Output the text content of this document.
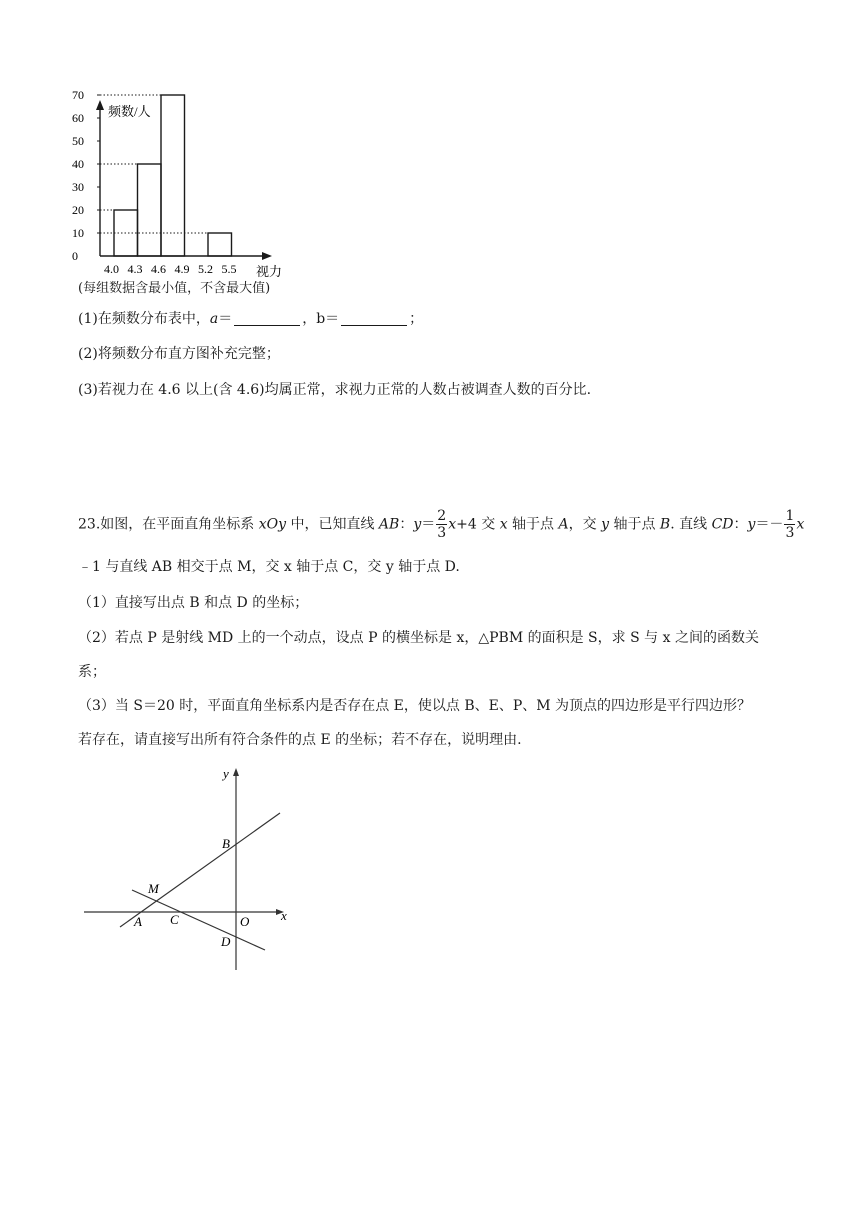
70
60
50
40
30
20
10
0
4.0 4.3 4.6 4.9 5.2 5.5
频数/人
视力
(每组数据含最小值，不含最大值)
(1)在频数分布表中，a＝	，b＝	；
(2)将频数分布直方图补充完整；
(3)若视力在 4.6 以上(含 4.6)均属正常，求视力正常的人数占被调查人数的百分比.
23.如图，在平面直角坐标系 xOy 中，已知直线 AB：$y= \frac{2}{3} x+4$ 交 x 轴于点 A，交 y 轴于点 B. 直线 CD：$y=- \frac{1}{3}$ x
﹣1 与直线 AB 相交于点 M，交 x 轴于点 C，交 y 轴于点 D.
（1）直接写出点 B 和点 D 的坐标；
（2）若点 P 是射线 MD 上的一个动点，设点 P 的横坐标是 x，△PBM 的面积是 S，求 S 与 x 之间的函数关
系；
（3）当 S＝20 时，平面直角坐标系内是否存在点 E，使以点 B、E、P、M 为顶点的四边形是平行四边形？
若存在，请直接写出所有符合条件的点 E 的坐标；若不存在，说明理由.
y
x
B
M
A C	O
D
